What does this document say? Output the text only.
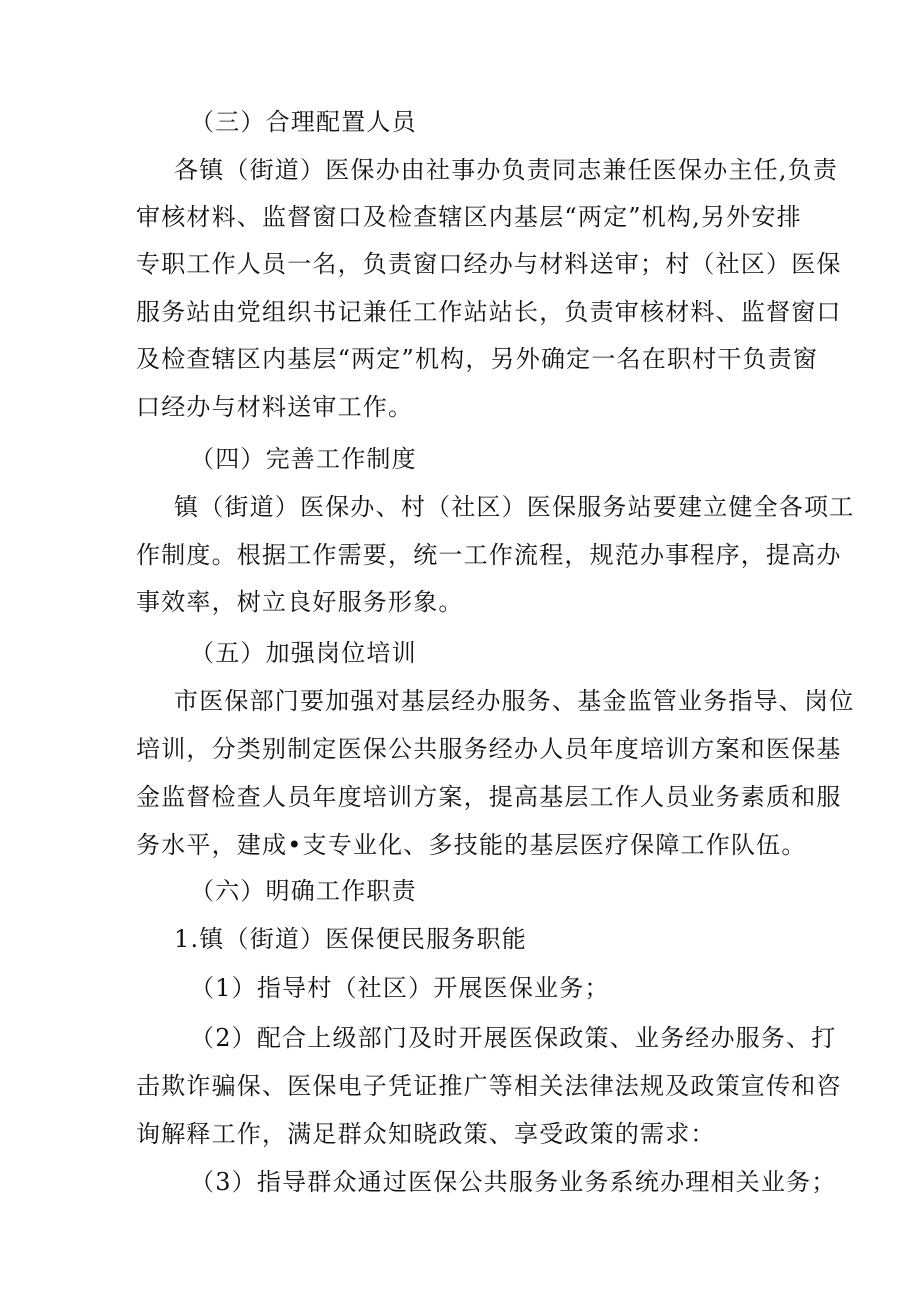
（三）合理配置人员
各镇（街道）医保办由社事办负责同志兼任医保办主任,负责
审核材料、监督窗口及检查辖区内基层“两定”机构,另外安排
专职工作人员一名，负责窗口经办与材料送审；村（社区）医保
服务站由党组织书记兼任工作站站长，负责审核材料、监督窗口
及检查辖区内基层“两定”机构，另外确定一名在职村干负责窗
口经办与材料送审工作。
（四）完善工作制度
镇（街道）医保办、村（社区）医保服务站要建立健全各项工
作制度。根据工作需要，统一工作流程，规范办事程序，提高办
事效率，树立良好服务形象。
（五）加强岗位培训
市医保部门要加强对基层经办服务、基金监管业务指导、岗位
培训，分类别制定医保公共服务经办人员年度培训方案和医保基
金监督检查人员年度培训方案，提高基层工作人员业务素质和服
务水平，建成•支专业化、多技能的基层医疗保障工作队伍。
（六）明确工作职责
1.镇（街道）医保便民服务职能
（1）指导村（社区）开展医保业务；
（2）配合上级部门及时开展医保政策、业务经办服务、打
击欺诈骗保、医保电子凭证推广等相关法律法规及政策宣传和咨
询解释工作，满足群众知晓政策、享受政策的需求：
（3）指导群众通过医保公共服务业务系统办理相关业务；
